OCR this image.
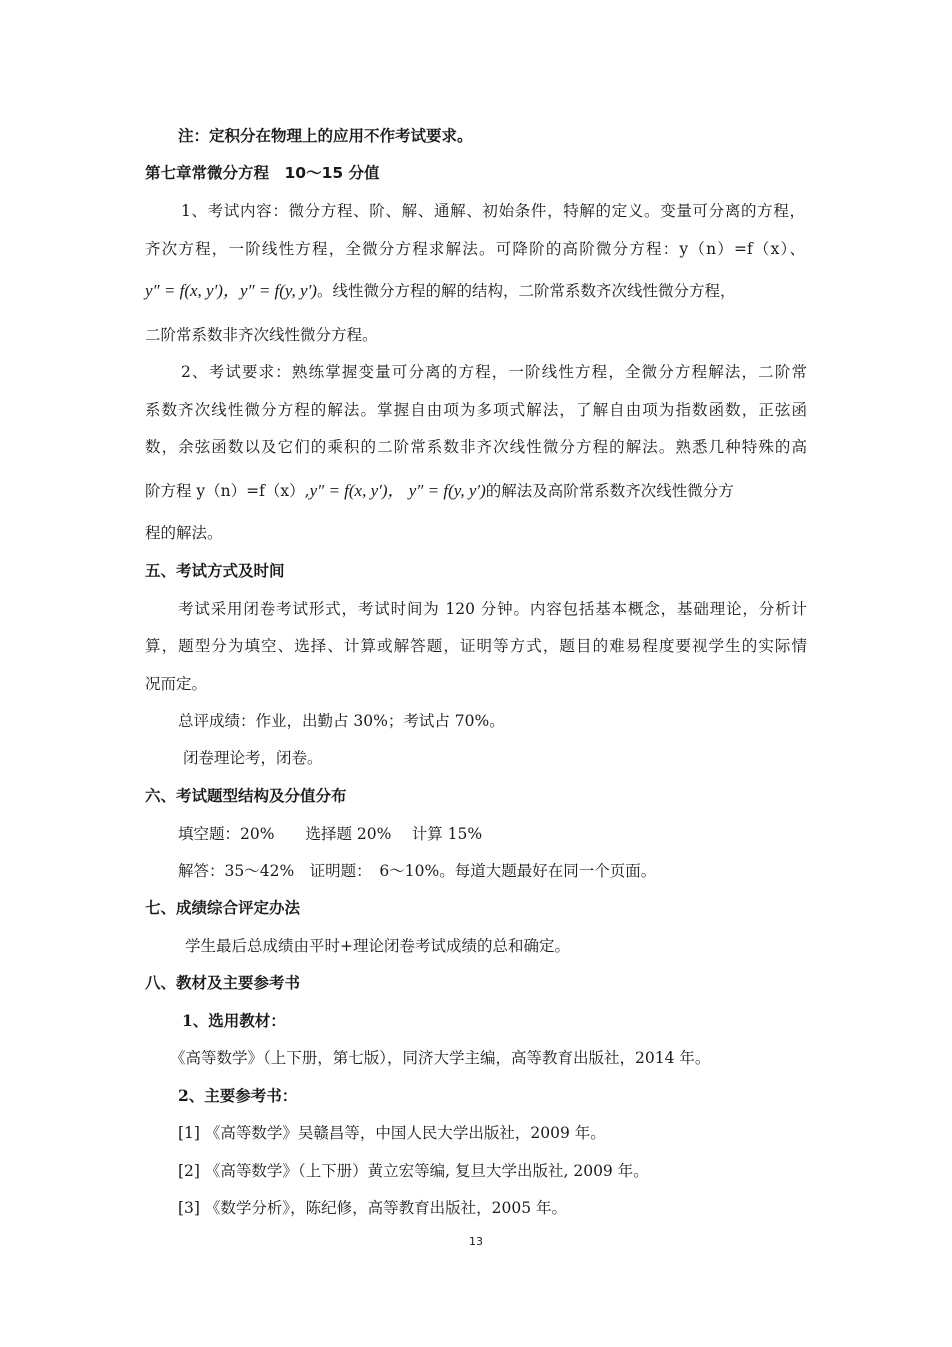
注：定积分在物理上的应用不作考试要求。
第七章常微分方程　10～15 分值
1、考试内容：微分方程、阶、解、通解、初始条件，特解的定义。变量可分离的方程，
齐次方程，一阶线性方程，全微分方程求解法。可降阶的高阶微分方程：y（n）=f（x）、
y″ = f(x, y′)，y″ = f(y, y′)。线性微分方程的解的结构，二阶常系数齐次线性微分方程，
二阶常系数非齐次线性微分方程。
2、考试要求：熟练掌握变量可分离的方程，一阶线性方程，全微分方程解法，二阶常
系数齐次线性微分方程的解法。掌握自由项为多项式解法，了解自由项为指数函数，正弦函
数，余弦函数以及它们的乘积的二阶常系数非齐次线性微分方程的解法。熟悉几种特殊的高
阶方程 y（n）=f（x）,y″ = f(x, y′)， y″ = f(y, y′)的解法及高阶常系数齐次线性微分方
程的解法。
五、考试方式及时间
考试采用闭卷考试形式，考试时间为 120 分钟。内容包括基本概念，基础理论，分析计
算，题型分为填空、选择、计算或解答题，证明等方式，题目的难易程度要视学生的实际情
况而定。
总评成绩：作业，出勤占 30%；考试占 70%。
闭卷理论考，闭卷。
六、考试题型结构及分值分布
填空题：20%　　选择题 20%　 计算 15%
解答：35～42%　证明题：　6～10%。每道大题最好在同一个页面。
七、成绩综合评定办法
学生最后总成绩由平时+理论闭卷考试成绩的总和确定。
八、教材及主要参考书
1、选用教材：
《高等数学》（上下册，第七版），同济大学主编，高等教育出版社，2014 年。
2、主要参考书：
[1] 《高等数学》吴赣昌等，中国人民大学出版社，2009 年。
[2] 《高等数学》（上下册）黄立宏等编, 复旦大学出版社, 2009 年。
[3] 《数学分析》，陈纪修，高等教育出版社，2005 年。
13
